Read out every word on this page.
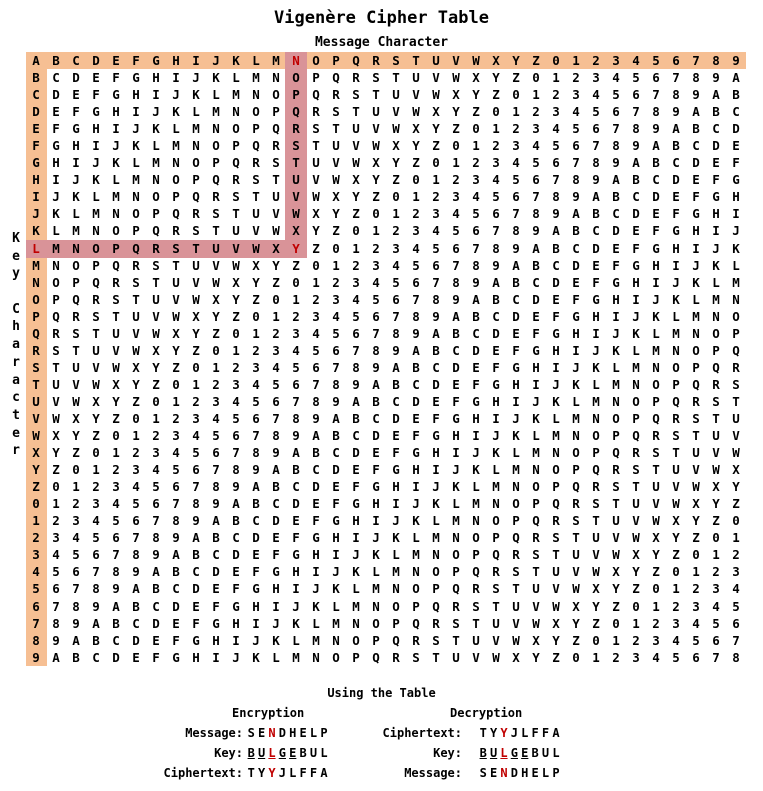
Vigenère Cipher Table
Message Character
K
e
y

C
h
a
r
a
c
t
e
r
A B C D E F G H I J K L M N O P Q R S T U V W X Y Z 0 1 2 3 4 5 6 7 8 9
B C D E F G H I J K L M N O P Q R S T U V W X Y Z 0 1 2 3 4 5 6 7 8 9 A
C D E F G H I J K L M N O P Q R S T U V W X Y Z 0 1 2 3 4 5 6 7 8 9 A B
D E F G H I J K L M N O P Q R S T U V W X Y Z 0 1 2 3 4 5 6 7 8 9 A B C
E F G H I J K L M N O P Q R S T U V W X Y Z 0 1 2 3 4 5 6 7 8 9 A B C D
F G H I J K L M N O P Q R S T U V W X Y Z 0 1 2 3 4 5 6 7 8 9 A B C D E
G H I J K L M N O P Q R S T U V W X Y Z 0 1 2 3 4 5 6 7 8 9 A B C D E F
H I J K L M N O P Q R S T U V W X Y Z 0 1 2 3 4 5 6 7 8 9 A B C D E F G
I J K L M N O P Q R S T U V W X Y Z 0 1 2 3 4 5 6 7 8 9 A B C D E F G H
J K L M N O P Q R S T U V W X Y Z 0 1 2 3 4 5 6 7 8 9 A B C D E F G H I
K L M N O P Q R S T U V W X Y Z 0 1 2 3 4 5 6 7 8 9 A B C D E F G H I J
L M N O P Q R S T U V W X Y Z 0 1 2 3 4 5 6 7 8 9 A B C D E F G H I J K
M N O P Q R S T U V W X Y Z 0 1 2 3 4 5 6 7 8 9 A B C D E F G H I J K L
N O P Q R S T U V W X Y Z 0 1 2 3 4 5 6 7 8 9 A B C D E F G H I J K L M
O P Q R S T U V W X Y Z 0 1 2 3 4 5 6 7 8 9 A B C D E F G H I J K L M N
P Q R S T U V W X Y Z 0 1 2 3 4 5 6 7 8 9 A B C D E F G H I J K L M N O
Q R S T U V W X Y Z 0 1 2 3 4 5 6 7 8 9 A B C D E F G H I J K L M N O P
R S T U V W X Y Z 0 1 2 3 4 5 6 7 8 9 A B C D E F G H I J K L M N O P Q
S T U V W X Y Z 0 1 2 3 4 5 6 7 8 9 A B C D E F G H I J K L M N O P Q R
T U V W X Y Z 0 1 2 3 4 5 6 7 8 9 A B C D E F G H I J K L M N O P Q R S
U V W X Y Z 0 1 2 3 4 5 6 7 8 9 A B C D E F G H I J K L M N O P Q R S T
V W X Y Z 0 1 2 3 4 5 6 7 8 9 A B C D E F G H I J K L M N O P Q R S T U
W X Y Z 0 1 2 3 4 5 6 7 8 9 A B C D E F G H I J K L M N O P Q R S T U V
X Y Z 0 1 2 3 4 5 6 7 8 9 A B C D E F G H I J K L M N O P Q R S T U V W
Y Z 0 1 2 3 4 5 6 7 8 9 A B C D E F G H I J K L M N O P Q R S T U V W X
Z 0 1 2 3 4 5 6 7 8 9 A B C D E F G H I J K L M N O P Q R S T U V W X Y
0 1 2 3 4 5 6 7 8 9 A B C D E F G H I J K L M N O P Q R S T U V W X Y Z
1 2 3 4 5 6 7 8 9 A B C D E F G H I J K L M N O P Q R S T U V W X Y Z 0
2 3 4 5 6 7 8 9 A B C D E F G H I J K L M N O P Q R S T U V W X Y Z 0 1
3 4 5 6 7 8 9 A B C D E F G H I J K L M N O P Q R S T U V W X Y Z 0 1 2
4 5 6 7 8 9 A B C D E F G H I J K L M N O P Q R S T U V W X Y Z 0 1 2 3
5 6 7 8 9 A B C D E F G H I J K L M N O P Q R S T U V W X Y Z 0 1 2 3 4
6 7 8 9 A B C D E F G H I J K L M N O P Q R S T U V W X Y Z 0 1 2 3 4 5
7 8 9 A B C D E F G H I J K L M N O P Q R S T U V W X Y Z 0 1 2 3 4 5 6
8 9 A B C D E F G H I J K L M N O P Q R S T U V W X Y Z 0 1 2 3 4 5 6 7
9 A B C D E F G H I J K L M N O P Q R S T U V W X Y Z 0 1 2 3 4 5 6 7 8
Using the Table
Encryption	Decryption
Message: S E N D H E L P
Key: B U L G E B U L
Ciphertext: T Y Y J L F F A
Ciphertext: T Y Y J L F F A
Key: B U L G E B U L
Message: S E N D H E L P
